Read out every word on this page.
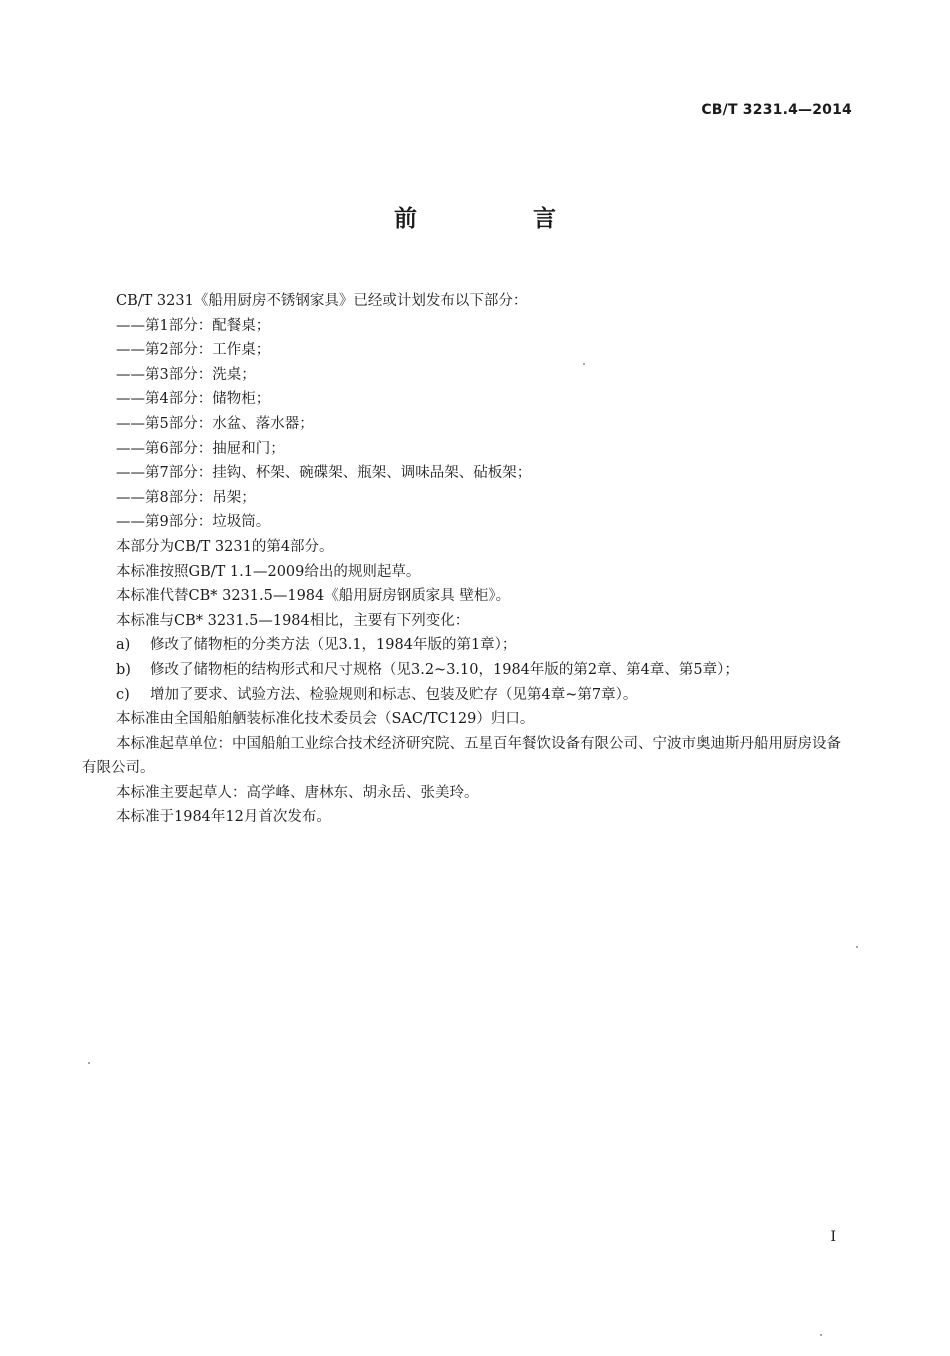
CB/T 3231.4—2014
前 言

CB/T 3231《船用厨房不锈钢家具》已经或计划发布以下部分：

——第1部分：配餐桌；

——第2部分：工作桌；

——第3部分：洗桌；

——第4部分：储物柜；

——第5部分：水盆、落水器；

——第6部分：抽屉和门；

——第7部分：挂钩、杯架、碗碟架、瓶架、调味品架、砧板架；

——第8部分：吊架；

——第9部分：垃圾筒。

本部分为CB/T 3231的第4部分。

本标准按照GB/T 1.1—2009给出的规则起草。

本标准代替CB* 3231.5—1984《船用厨房钢质家具 壁柜》。

本标准与CB* 3231.5—1984相比，主要有下列变化：

a) 修改了储物柜的分类方法（见3.1，1984年版的第1章）；

b) 修改了储物柜的结构形式和尺寸规格（见3.2~3.10，1984年版的第2章、第4章、第5章）；

c) 增加了要求、试验方法、检验规则和标志、包装及贮存（见第4章~第7章）。

本标准由全国船舶舾装标准化技术委员会（SAC/TC129）归口。

本标准起草单位：中国船舶工业综合技术经济研究院、五星百年餐饮设备有限公司、宁波市奥迪斯丹船用厨房设备有限公司。

本标准主要起草人：高学峰、唐林东、胡永岳、张美玲。

本标准于1984年12月首次发布。

I
